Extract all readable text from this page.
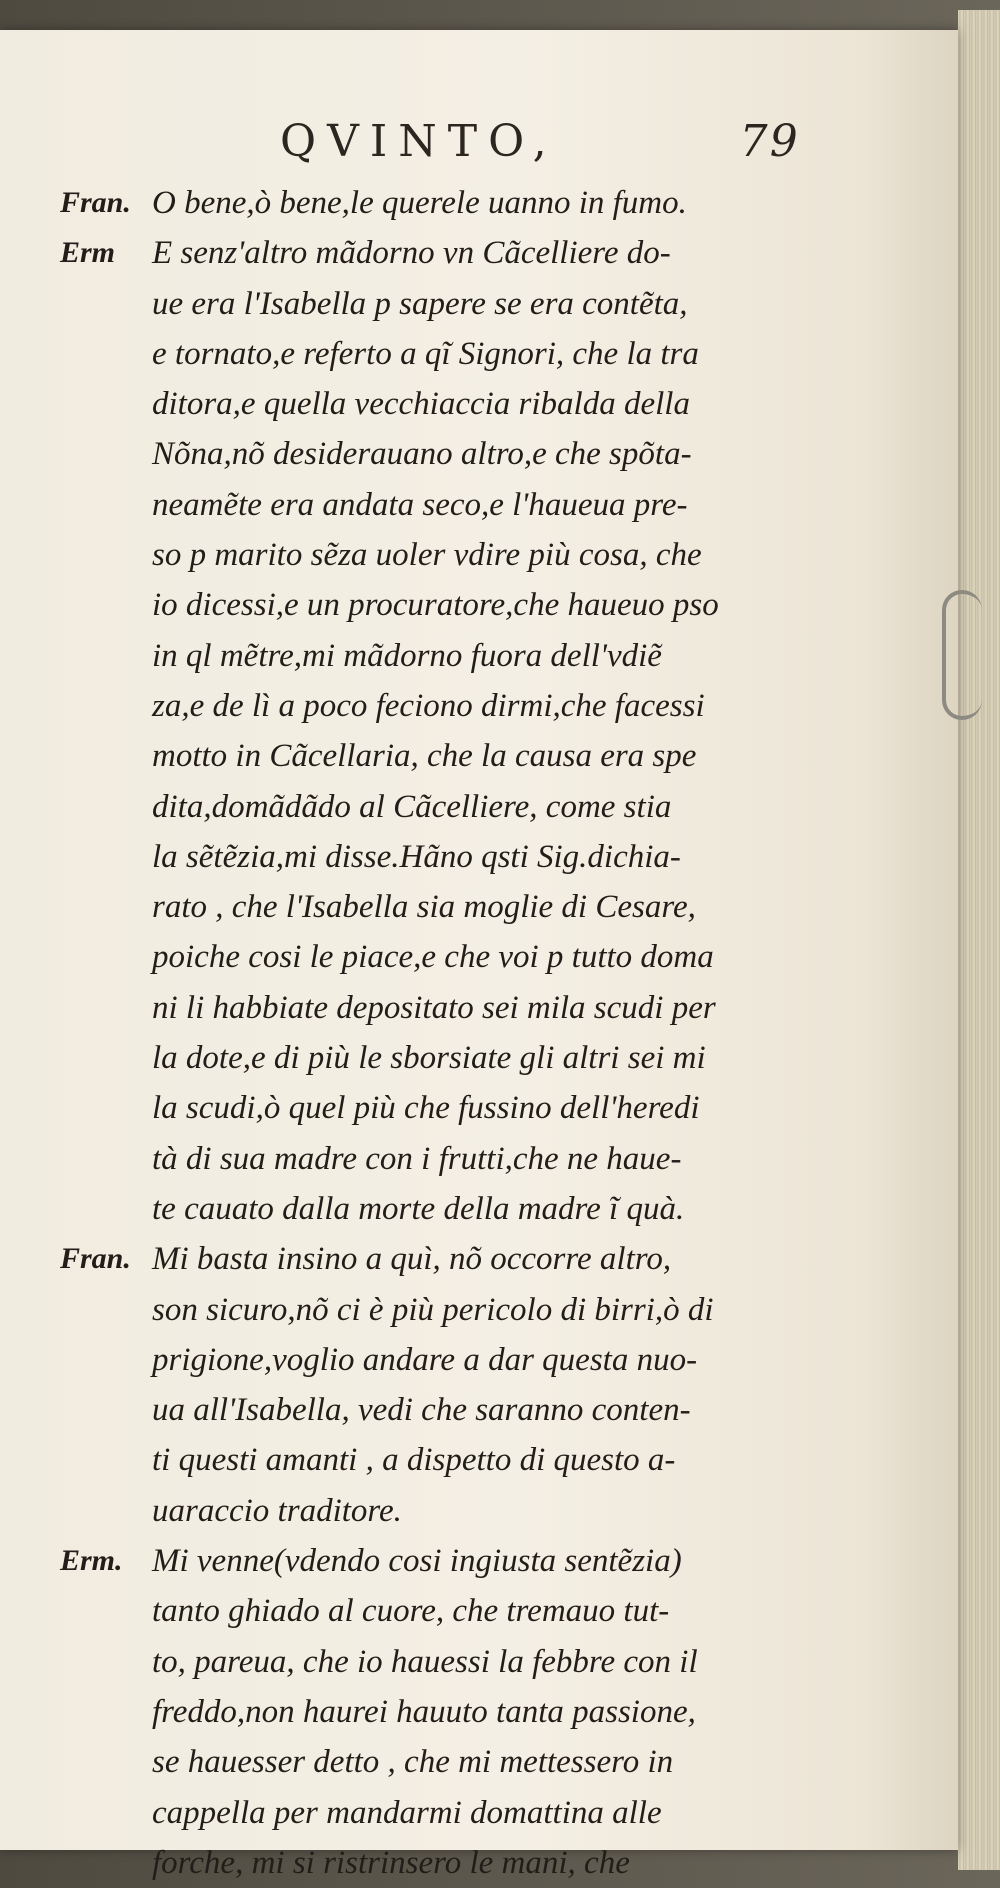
QVINTO,	79
Fran. O bene,ò bene,le querele uanno in fumo.
Erm	E senz'altro mãdorno vn Cãcelliere do-
ue era l'Isabella p sapere se era contẽta,
e tornato,e referto a qĩ Signori, che la tra
ditora,e quella vecchiaccia ribalda della
Nõna,nõ desiderauano altro,e che spõta-
neamẽte era andata seco,e l'haueua pre-
so p marito sẽza uoler vdire più cosa, che
io dicessi,e un procuratore,che haueuo pso
in ql mẽtre,mi mãdorno fuora dell'vdiẽ
za,e de lì a poco feciono dirmi,che facessi
motto in Cãcellaria, che la causa era spe
dita,domãdãdo al Cãcelliere, come stia
la sẽtẽzia,mi disse.Hãno qsti Sig.dichia-
rato , che l'Isabella sia moglie di Cesare,
poiche cosi le piace,e che voi p tutto doma
ni li habbiate depositato sei mila scudi per
la dote,e di più le sborsiate gli altri sei mi
la scudi,ò quel più che fussino dell'heredi
tà di sua madre con i frutti,che ne haue-
te cauato dalla morte della madre ĩ quà.
Fran. Mi basta insino a quì, nõ occorre altro,
son sicuro,nõ ci è più pericolo di birri,ò di
prigione,voglio andare a dar questa nuo-
ua all'Isabella, vedi che saranno conten-
ti questi amanti , a dispetto di questo a-
uaraccio traditore.
Erm. Mi venne(vdendo cosi ingiusta sentẽzia)
tanto ghiado al cuore, che tremauo tut-
to, pareua, che io hauessi la febbre con il
freddo,non haurei hauuto tanta passione,
se hauesser detto , che mi mettessero in
cappella per mandarmi domattina alle
forche, mi si ristrinsero le mani, che
